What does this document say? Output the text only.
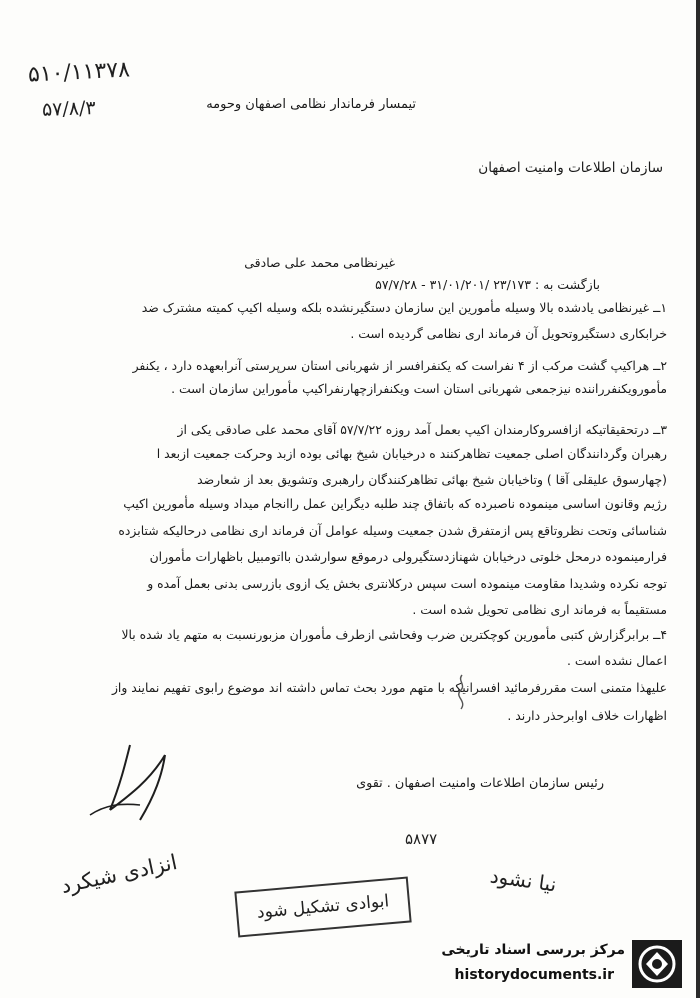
۵۱۰/۱۱۳۷۸
۵۷/۸/۳	تیمسار فرماندار نظامی اصفهان وحومه
سازمان اطلاعات وامنیت اصفهان
غیرنظامی محمد علی صادقی
بازگشت به : ۲۳/۱۷۳ /۳۱/۰۱/۲۰۱ - ۵۷/۷/۲۸
۱ــ غیرنظامی یادشده بالا وسیله مأمورین این سازمان دستگیرنشده بلکه وسیله اکیپ کمیته مشترک ضد
خرابکاری دستگیروتحویل آن فرماند اری نظامی گردیده است .
۲ــ هراکیپ گشت مرکب از ۴ نفراست که یکنفرافسر از شهربانی استان سرپرستی آنرابعهده دارد ، یکنفر
مأمورویکنفرراننده نیزجمعی شهربانی استان است ویکنفرازچهارنفراکیپ مأموراین سازمان است .
۳ــ درتحقیقاتیکه ازافسروکارمندان اکیپ بعمل آمد روزه ۵۷/۷/۲۲ آقای محمد علی صادقی یکی از
رهبران وگردانندگان اصلی جمعیت تظاهرکنند ه درخیابان شیخ بهائی بوده ازبد وحرکت جمعیت ازبعد ا
(چهارسوق علیقلی آقا ) وتاخیابان شیخ بهائی تظاهرکنندگان رارهبری وتشویق بعد از شعارضد
رژیم وقانون اساسی مینموده ناصبرده که باتفاق چند طلبه دیگراین عمل راانجام میداد وسیله مأمورین اکیپ
شناسائی وتحت نظروتاقع پس ازمتفرق شدن جمعیت وسیله عوامل آن فرماند اری نظامی درحالیکه شتابزده
فرارمینموده درمحل خلوتی درخیابان شهنازدستگیرولی درموقع سوارشدن بااتومبیل باظهارات مأموران
توجه نکرده وشدیدا مقاومت مینموده است سپس درکلانتری بخش یک ازوی بازرسی بدنی بعمل آمده و
مستقیماً به فرماند اری نظامی تحویل شده است .
۴ــ برابرگزارش کتبی مأمورین کوچکترین ضرب وفحاشی ازطرف مأموران مزبورنسبت به متهم یاد شده بالا
اعمال نشده است .
علیهذا متمنی است مقررفرمائید افسرانیکه با متهم مورد بحث تماس داشته اند موضوع رابوی تفهیم نمایند واز
اظهارات خلاف اوابرحذر دارند .
رئیس سازمان اطلاعات وامنیت اصفهان . تقوی
انزادی شیکرد
۵۸۷۷
ابوادی تشکیل شود
نیا نشود
مرکز بررسی اسناد تاریخی
historydocuments.ir
